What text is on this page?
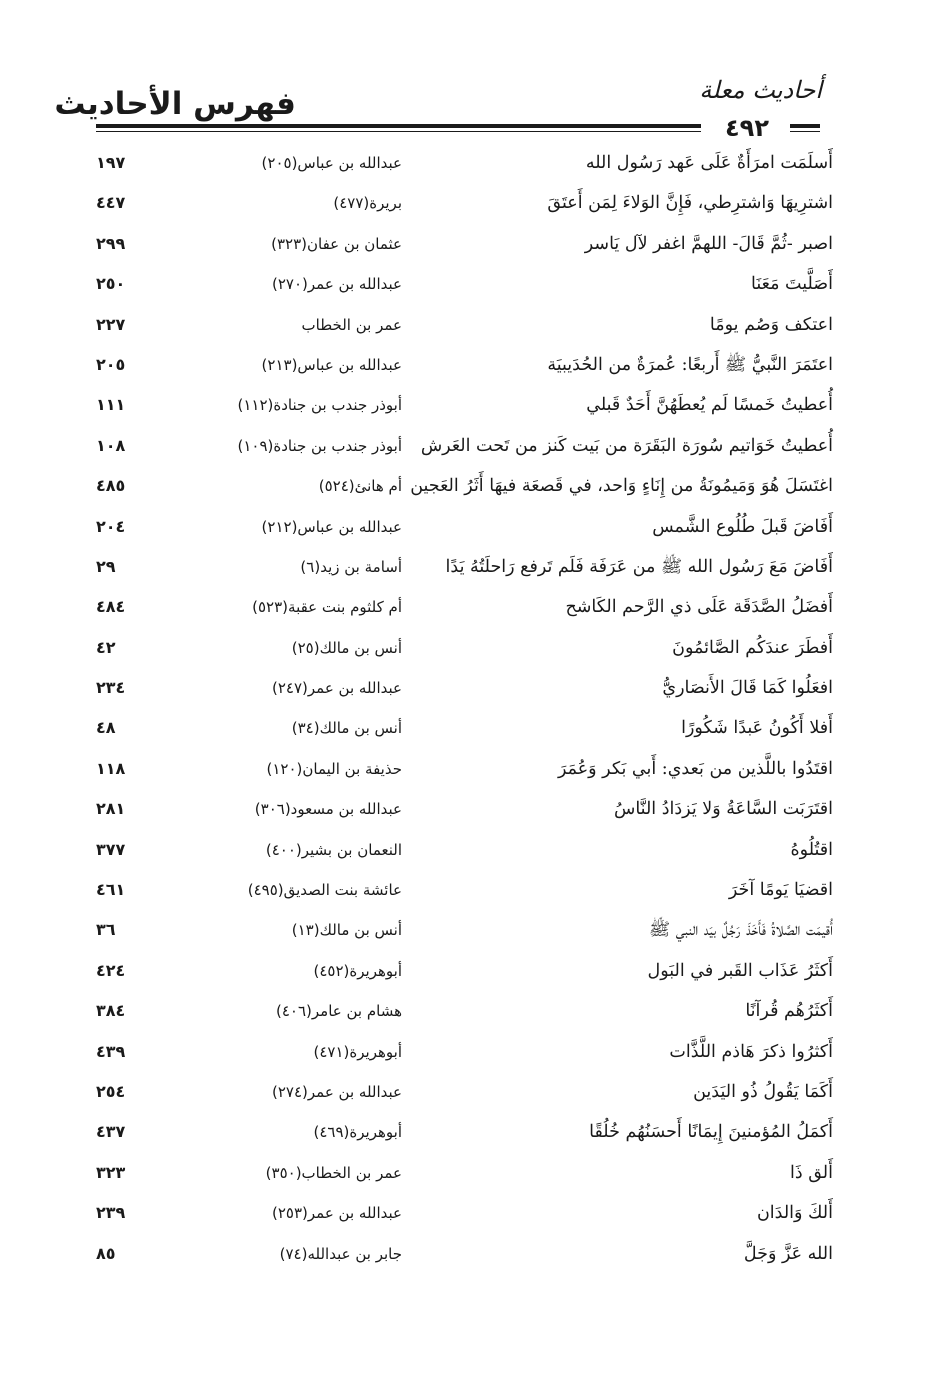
أحاديث معلة
فهرس الأحاديث
٤٩٢
أَسلَمَت امرَأَةٌ عَلَى عَهد رَسُول الله
عبدالله بن عباس(٢٠٥)
١٩٧
اشترِيهَا وَاشترِطي، فَإِنَّ الوَلاءَ لِمَن أَعتَقَ
بريرة(٤٧٧)
٤٤٧
اصبر -ثُمَّ قَالَ- اللهمَّ اغفر لآل يَاسر
عثمان بن عفان(٣٢٣)
٢٩٩
أَصَلَّيتَ مَعَنَا
عبدالله بن عمر(٢٧٠)
٢٥٠
اعتكف وَصُم يومًا
عمر بن الخطاب
٢٢٧
اعتَمَرَ النَّبيُّ ﷺ أَربعًا: عُمرَةٌ من الحُدَيبيَة
عبدالله بن عباس(٢١٣)
٢٠٥
أُعطيتُ خَمسًا لَم يُعطَهُنَّ أَحَدٌ قَبلي
أبوذر جندب بن جنادة(١١٢)
١١١
أُعطيتُ خَوَاتيم سُورَة البَقَرَة من بَيت كَنز من تَحت العَرش
أبوذر جندب بن جنادة(١٠٩)
١٠٨
اغتَسَلَ هُوَ وَمَيمُونَةُ من إِنَاءٍ وَاحد، في قَصعَة فيهَا أَثَرُ العَجين
أم هانئ(٥٢٤)
٤٨٥
أَفَاضَ قَبلَ طُلُوع الشَّمس
عبدالله بن عباس(٢١٢)
٢٠٤
أَفَاضَ مَعَ رَسُول الله ﷺ من عَرَفَة فَلَم تَرفع رَاحلَتُهُ يَدًا
أسامة بن زيد(٦)
٢٩
أَفضَلُ الصَّدَقَة عَلَى ذي الرَّحم الكَاشح
أم كلثوم بنت عقبة(٥٢٣)
٤٨٤
أَفطَرَ عندَكُم الصَّائمُونَ
أنس بن مالك(٢٥)
٤٢
افعَلُوا كَمَا قَالَ الأَنصَاريُّ
عبدالله بن عمر(٢٤٧)
٢٣٤
أَفلا أَكُونُ عَبدًا شَكُورًا
أنس بن مالك(٣٤)
٤٨
اقتَدُوا باللَّذين من بَعدي: أَبي بَكر وَعُمَرَ
حذيفة بن اليمان(١٢٠)
١١٨
اقتَرَبَت السَّاعَةُ وَلا يَزدَادُ النَّاسُ
عبدالله بن مسعود(٣٠٦)
٢٨١
اقتُلُوهُ
النعمان بن بشير(٤٠٠)
٣٧٧
اقضيَا يَومًا آخَرَ
عائشة بنت الصديق(٤٩٥)
٤٦١
أُقيمَت الصَّلاةُ فَأَخَذَ رَجُلٌ بيَد النبي ﷺ
أنس بن مالك(١٣)
٣٦
أَكثَرُ عَذَاب القَبر في البَول
أبوهريرة(٤٥٢)
٤٢٤
أَكثَرُهُم قُرآنًا
هشام بن عامر(٤٠٦)
٣٨٤
أَكثرُوا ذكرَ هَاذم اللَّذَّات
أبوهريرة(٤٧١)
٤٣٩
أَكَمَا يَقُولُ ذُو اليَدَين
عبدالله بن عمر(٢٧٤)
٢٥٤
أَكمَلُ المُؤمنينَ إِيمَانًا أَحسَنُهُم خُلُقًا
أبوهريرة(٤٦٩)
٤٣٧
أَلق ذَا
عمر بن الخطاب(٣٥٠)
٣٢٣
أَلكَ وَالدَان
عبدالله بن عمر(٢٥٣)
٢٣٩
الله عَزَّ وَجَلَّ
جابر بن عبدالله(٧٤)
٨٥
